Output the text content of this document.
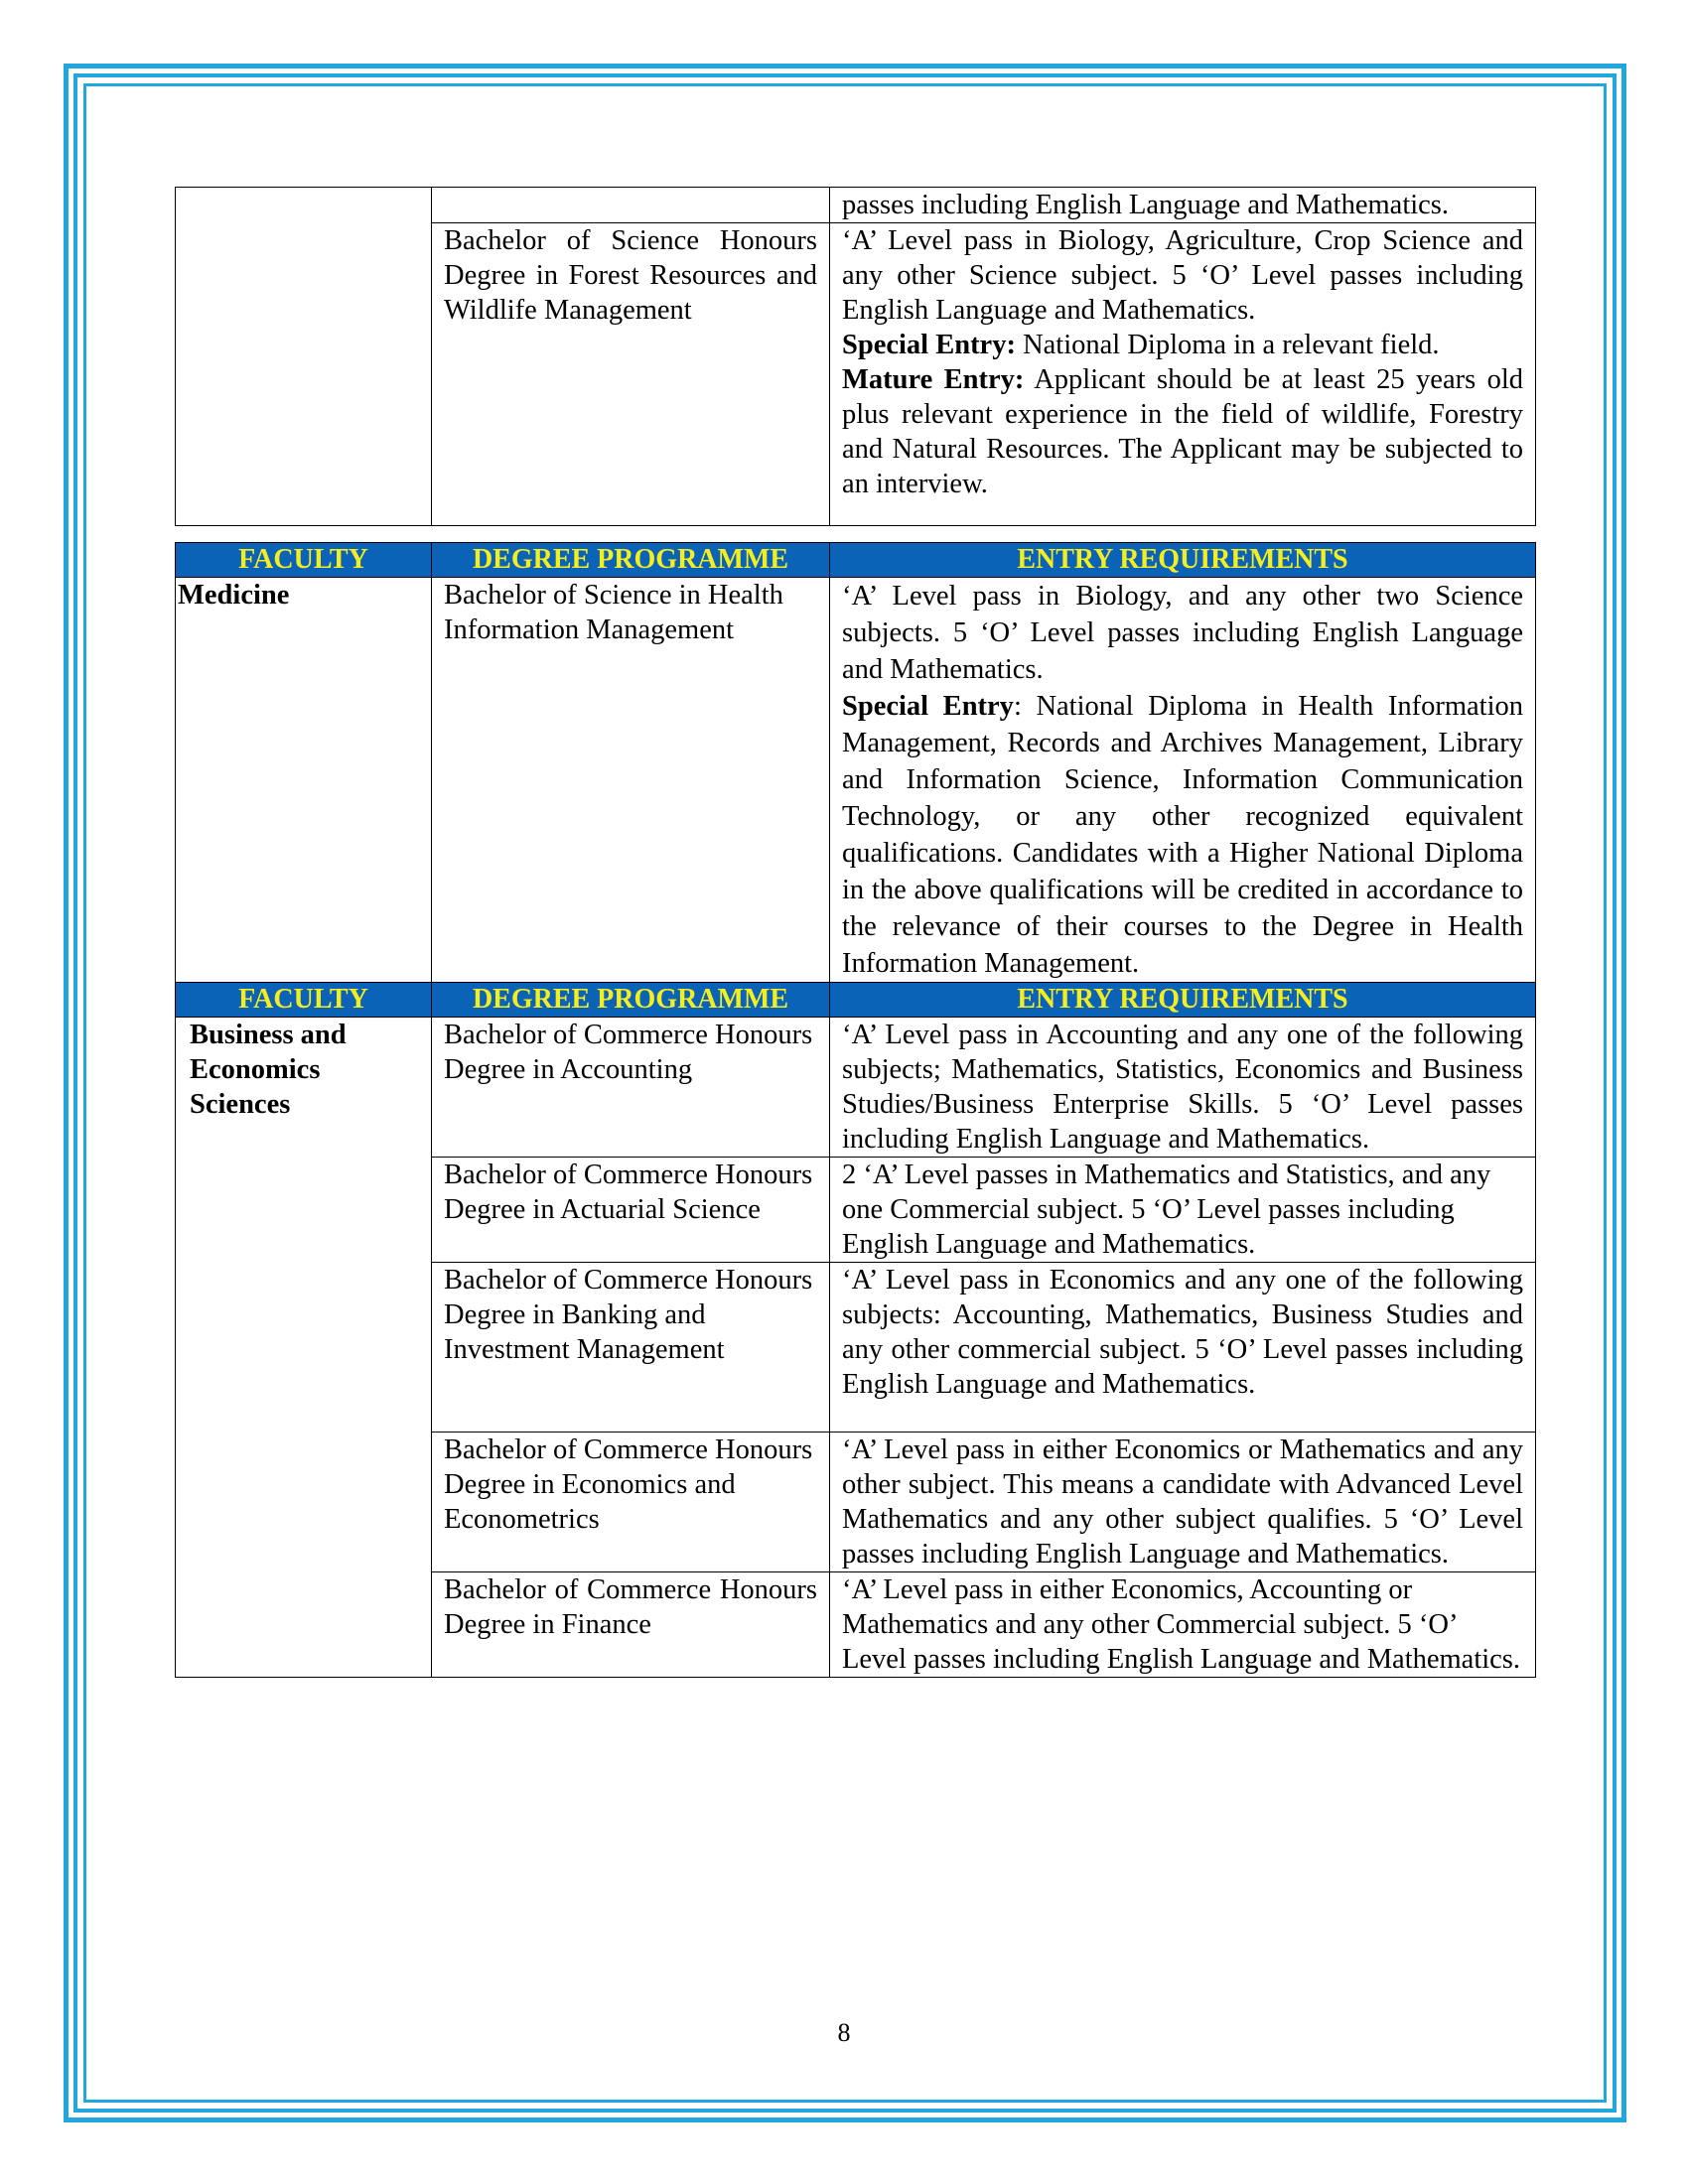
		passes including English Language and Mathematics.
	Bachelor of Science Honours Degree in Forest Resources and Wildlife Management	‘A’ Level pass in Biology, Agriculture, Crop Science and any other Science subject. 5 ‘O’ Level passes including English Language and Mathematics.
Special Entry: National Diploma in a relevant field.
Mature Entry: Applicant should be at least 25 years old plus relevant experience in the field of wildlife, Forestry and Natural Resources. The Applicant may be subjected to an interview.
FACULTY	DEGREE PROGRAMME	ENTRY REQUIREMENTS
Medicine	Bachelor of Science in Health Information Management	‘A’ Level pass in Biology, and any other two Science subjects. 5 ‘O’ Level passes including English Language and Mathematics.
Special Entry: National Diploma in Health Information Management, Records and Archives Management, Library and Information Science, Information Communication Technology, or any other recognized equivalent qualifications. Candidates with a Higher National Diploma in the above qualifications will be credited in accordance to the relevance of their courses to the Degree in Health Information Management.
FACULTY	DEGREE PROGRAMME	ENTRY REQUIREMENTS
Business and Economics Sciences	Bachelor of Commerce Honours Degree in Accounting	‘A’ Level pass in Accounting and any one of the following subjects; Mathematics, Statistics, Economics and Business Studies/Business Enterprise Skills. 5 ‘O’ Level passes including English Language and Mathematics.
	Bachelor of Commerce Honours Degree in Actuarial Science	2 ‘A’ Level passes in Mathematics and Statistics, and any one Commercial subject. 5 ‘O’ Level passes including English Language and Mathematics.
	Bachelor of Commerce Honours Degree in Banking and Investment Management	‘A’ Level pass in Economics and any one of the following subjects: Accounting, Mathematics, Business Studies and any other commercial subject. 5 ‘O’ Level passes including English Language and Mathematics.
	Bachelor of Commerce Honours Degree in Economics and Econometrics	‘A’ Level pass in either Economics or Mathematics and any other subject. This means a candidate with Advanced Level Mathematics and any other subject qualifies. 5 ‘O’ Level passes including English Language and Mathematics.
	Bachelor of Commerce Honours Degree in Finance	‘A’ Level pass in either Economics, Accounting or Mathematics and any other Commercial subject. 5 ‘O’ Level passes including English Language and Mathematics.
8
